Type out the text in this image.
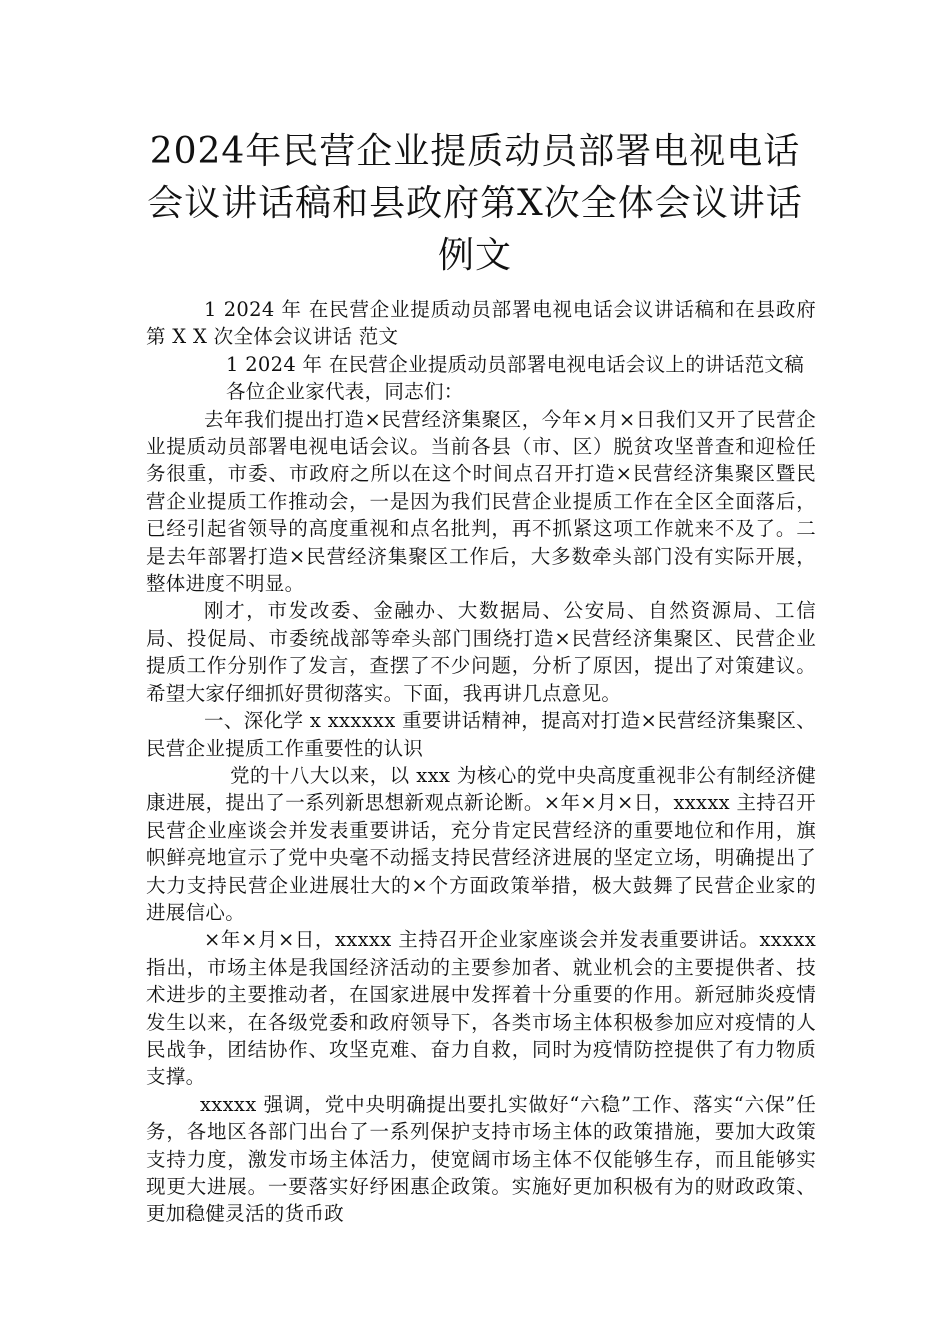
2024年民营企业提质动员部署电视电话会议讲话稿和县政府第X次全体会议讲话例文

1 2024 年 在民营企业提质动员部署电视电话会议讲话稿和在县政府第 X X 次全体会议讲话 范文

1 2024 年 在民营企业提质动员部署电视电话会议上的讲话范文稿

各位企业家代表，同志们：

去年我们提出打造×民营经济集聚区，今年×月×日我们又开了民营企业提质动员部署电视电话会议。当前各县（市、区）脱贫攻坚普查和迎检任务很重，市委、市政府之所以在这个时间点召开打造×民营经济集聚区暨民营企业提质工作推动会，一是因为我们民营企业提质工作在全区全面落后，已经引起省领导的高度重视和点名批判，再不抓紧这项工作就来不及了。二是去年部署打造×民营经济集聚区工作后，大多数牵头部门没有实际开展，整体进度不明显。

刚才，市发改委、金融办、大数据局、公安局、自然资源局、工信局、投促局、市委统战部等牵头部门围绕打造×民营经济集聚区、民营企业提质工作分别作了发言，查摆了不少问题，分析了原因，提出了对策建议。希望大家仔细抓好贯彻落实。下面，我再讲几点意见。

一、深化学 x xxxxxx 重要讲话精神，提高对打造×民营经济集聚区、民营企业提质工作重要性的认识

党的十八大以来，以 xxx 为核心的党中央高度重视非公有制经济健康进展，提出了一系列新思想新观点新论断。×年×月×日，xxxxx 主持召开民营企业座谈会并发表重要讲话，充分肯定民营经济的重要地位和作用，旗帜鲜亮地宣示了党中央毫不动摇支持民营经济进展的坚定立场，明确提出了大力支持民营企业进展壮大的×个方面政策举措，极大鼓舞了民营企业家的进展信心。

×年×月×日，xxxxx 主持召开企业家座谈会并发表重要讲话。xxxxx 指出，市场主体是我国经济活动的主要参加者、就业机会的主要提供者、技术进步的主要推动者，在国家进展中发挥着十分重要的作用。新冠肺炎疫情发生以来，在各级党委和政府领导下，各类市场主体积极参加应对疫情的人民战争，团结协作、攻坚克难、奋力自救，同时为疫情防控提供了有力物质支撑。

xxxxx 强调，党中央明确提出要扎实做好“六稳”工作、落实“六保”任务，各地区各部门出台了一系列保护支持市场主体的政策措施，要加大政策支持力度，激发市场主体活力，使宽阔市场主体不仅能够生存，而且能够实现更大进展。一要落实好纾困惠企政策。实施好更加积极有为的财政政策、更加稳健灵活的货币政
